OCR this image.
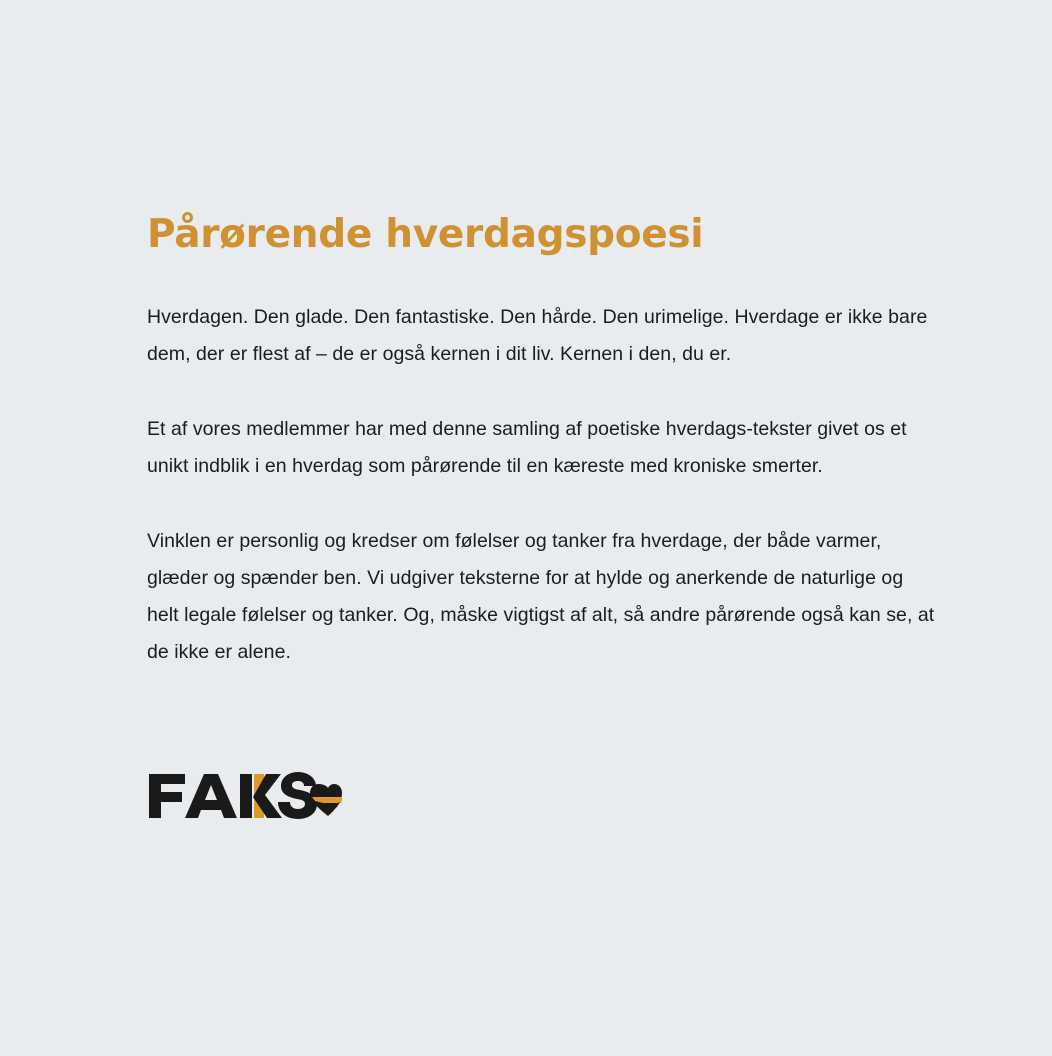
Pårørende hverdagspoesi

Hverdagen. Den glade. Den fantastiske. Den hårde. Den urimelige. Hverdage er ikke bare dem, der er flest af – de er også kernen i dit liv. Kernen i den, du er.

Et af vores medlemmer har med denne samling af poetiske hverdags-tekster givet os et unikt indblik i en hverdag som pårørende til en kæreste med kroniske smerter.

Vinklen er personlig og kredser om følelser og tanker fra hverdage, der både varmer, glæder og spænder ben. Vi udgiver teksterne for at hylde og anerkende de naturlige og helt legale følelser og tanker. Og, måske vigtigst af alt, så andre pårørende også kan se, at de ikke er alene.
